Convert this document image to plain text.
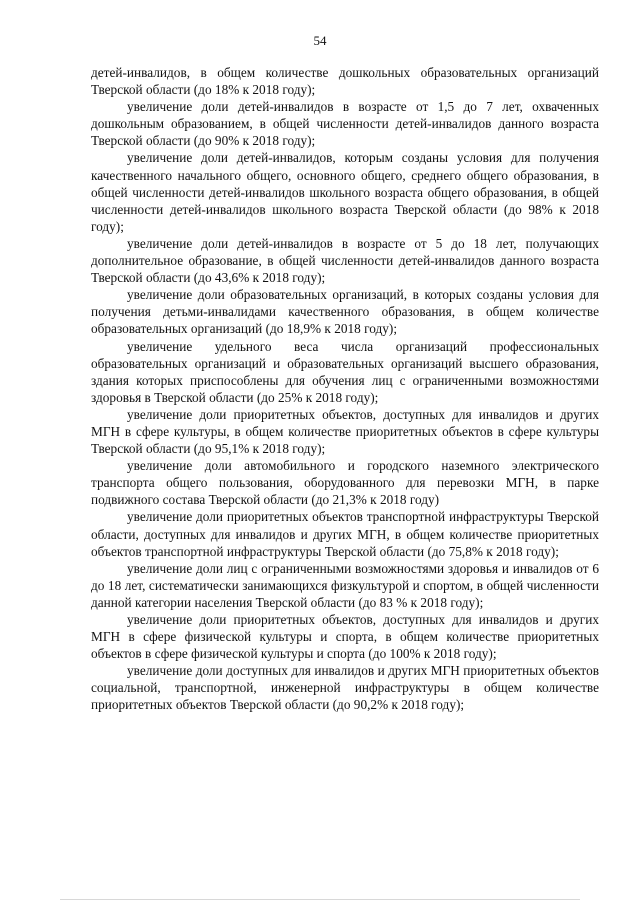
54

детей-инвалидов, в общем количестве дошкольных образовательных организаций Тверской области (до 18% к 2018 году);

увеличение доли детей-инвалидов в возрасте от 1,5 до 7 лет, охваченных дошкольным образованием, в общей численности детей-инвалидов данного возраста Тверской области (до 90% к 2018 году);

увеличение доли детей-инвалидов, которым созданы условия для получения качественного начального общего, основного общего, среднего общего образования, в общей численности детей-инвалидов школьного возраста общего образования, в общей численности детей-инвалидов школьного возраста Тверской области (до 98% к 2018 году);

увеличение доли детей-инвалидов в возрасте от 5 до 18 лет, получающих дополнительное образование, в общей численности детей-инвалидов данного возраста Тверской области (до 43,6% к 2018 году);

увеличение доли образовательных организаций, в которых созданы условия для получения детьми-инвалидами качественного образования, в общем количестве образовательных организаций (до 18,9% к 2018 году);

увеличение удельного веса числа организаций профессиональных образовательных организаций и образовательных организаций высшего образования, здания которых приспособлены для обучения лиц с ограниченными возможностями здоровья в Тверской области (до 25% к 2018 году);

увеличение доли приоритетных объектов, доступных для инвалидов и других МГН в сфере культуры, в общем количестве приоритетных объектов в сфере культуры Тверской области (до 95,1% к 2018 году);

увеличение доли автомобильного и городского наземного электрического транспорта общего пользования, оборудованного для перевозки МГН, в парке подвижного состава Тверской области (до 21,3% к 2018 году)

увеличение доли приоритетных объектов транспортной инфраструктуры Тверской области, доступных для инвалидов и других МГН, в общем количестве приоритетных объектов транспортной инфраструктуры Тверской области (до 75,8% к 2018 году);

увеличение доли лиц с ограниченными возможностями здоровья и инвалидов от 6 до 18 лет, систематически занимающихся физкультурой и спортом, в общей численности данной категории населения Тверской области (до 83 % к 2018 году);

увеличение доли приоритетных объектов, доступных для инвалидов и других МГН в сфере физической культуры и спорта, в общем количестве приоритетных объектов в сфере физической культуры и спорта (до 100% к 2018 году);

увеличение доли доступных для инвалидов и других МГН приоритетных объектов социальной, транспортной, инженерной инфраструктуры в общем количестве приоритетных объектов Тверской области (до 90,2% к 2018 году);
